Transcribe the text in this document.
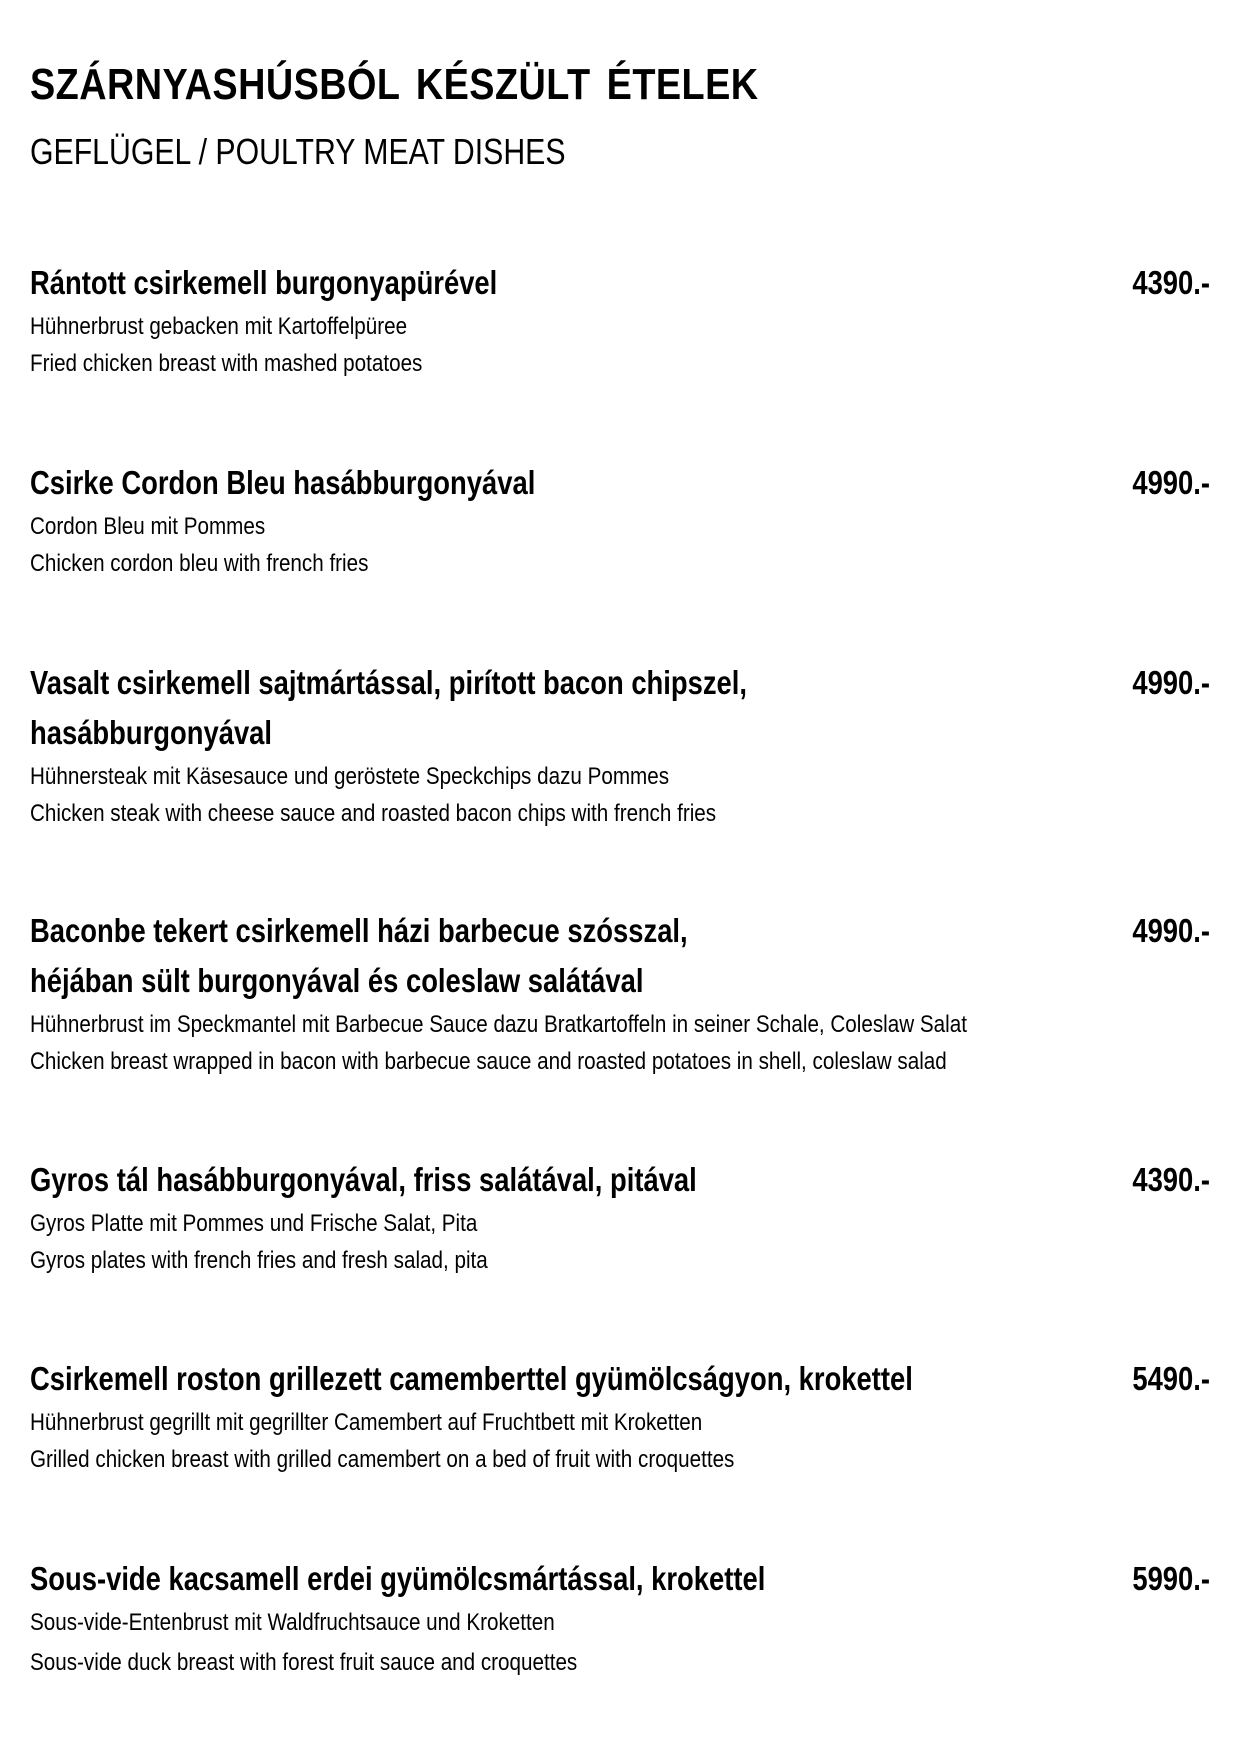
SZÁRNYASHÚSBÓL KÉSZÜLT ÉTELEK
GEFLÜGEL / POULTRY MEAT DISHES
Rántott csirkemell burgonyapürével
Hühnerbrust gebacken mit Kartoffelpüree
Fried chicken breast with mashed potatoes
4390.-
Csirke Cordon Bleu hasábburgonyával
Cordon Bleu mit Pommes
Chicken cordon bleu with french fries
4990.-
Vasalt csirkemell sajtmártással, pirított bacon chipszel,
hasábburgonyával
Hühnersteak mit Käsesauce und geröstete Speckchips dazu Pommes
Chicken steak with cheese sauce and roasted bacon chips with french fries
4990.-
Baconbe tekert csirkemell házi barbecue szósszal,
héjában sült burgonyával és coleslaw salátával
Hühnerbrust im Speckmantel mit Barbecue Sauce dazu Bratkartoffeln in seiner Schale, Coleslaw Salat
Chicken breast wrapped in bacon with barbecue sauce and roasted potatoes in shell, coleslaw salad
4990.-
Gyros tál hasábburgonyával, friss salátával, pitával
Gyros Platte mit Pommes und Frische Salat, Pita
Gyros plates with french fries and fresh salad, pita
4390.-
Csirkemell roston grillezett camemberttel gyümölcságyon, krokettel
Hühnerbrust gegrillt mit gegrillter Camembert auf Fruchtbett mit Kroketten
Grilled chicken breast with grilled camembert on a bed of fruit with croquettes
5490.-
Sous-vide kacsamell erdei gyümölcsmártással, krokettel
Sous-vide-Entenbrust mit Waldfruchtsauce und Kroketten
Sous-vide duck breast with forest fruit sauce and croquettes
5990.-
